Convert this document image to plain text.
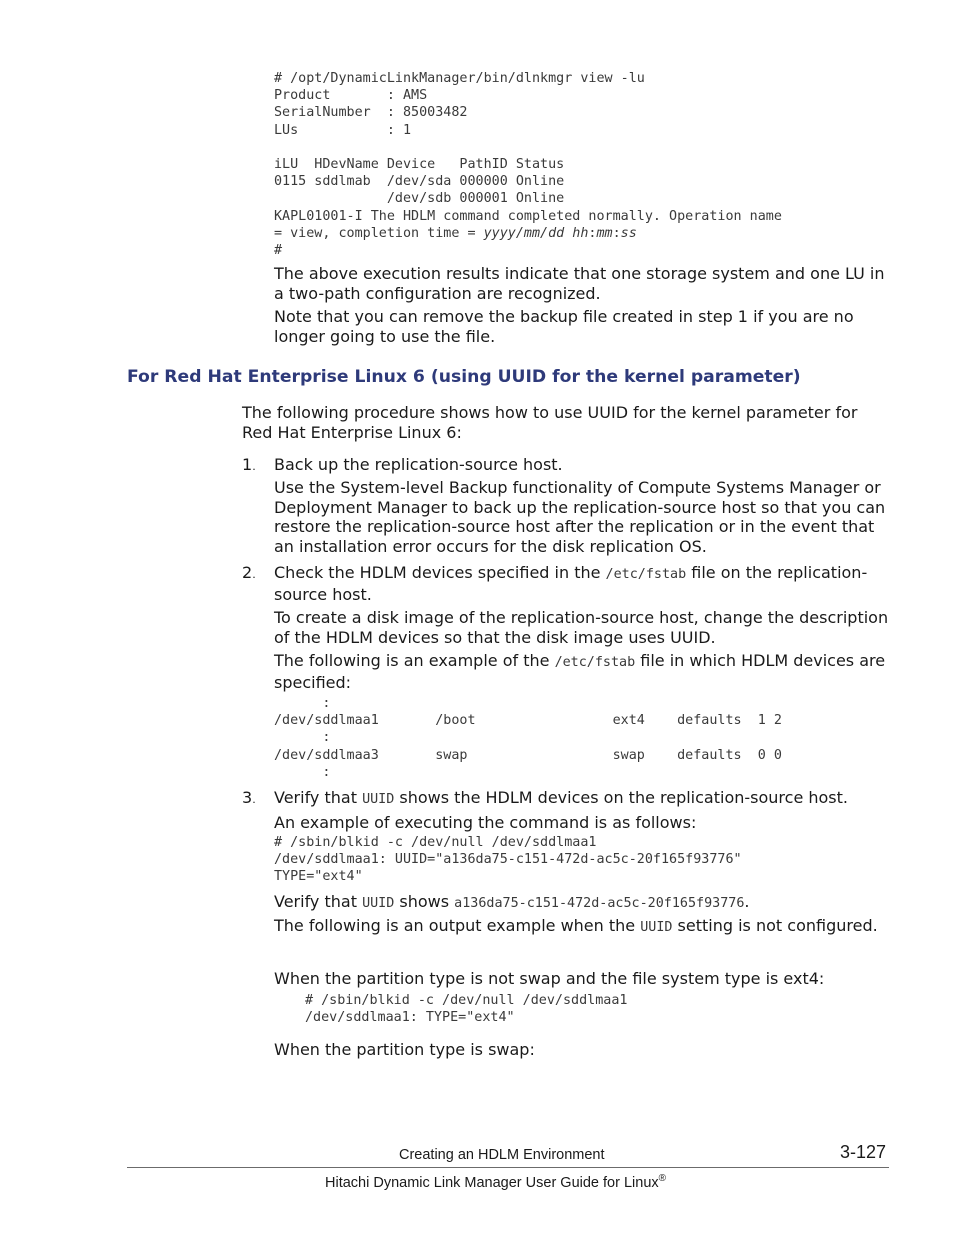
# /opt/DynamicLinkManager/bin/dlnkmgr view -lu
Product       : AMS
SerialNumber  : 85003482
LUs           : 1

iLU  HDevName Device   PathID Status
0115 sddlmab  /dev/sda 000000 Online
/dev/sdb 000001 Online
KAPL01001-I The HDLM command completed normally. Operation name
= view, completion time = yyyy/mm/dd hh:mm:ss
#
The above execution results indicate that one storage system and one LU in a two-path configuration are recognized.
Note that you can remove the backup file created in step 1 if you are no longer going to use the file.
For Red Hat Enterprise Linux 6 (using UUID for the kernel parameter)
The following procedure shows how to use UUID for the kernel parameter for Red Hat Enterprise Linux 6:
1. Back up the replication-source host.
Use the System-level Backup functionality of Compute Systems Manager or Deployment Manager to back up the replication-source host so that you can restore the replication-source host after the replication or in the event that an installation error occurs for the disk replication OS.
2. Check the HDLM devices specified in the /etc/fstab file on the replication-source host.
To create a disk image of the replication-source host, change the description of the HDLM devices so that the disk image uses UUID.
The following is an example of the /etc/fstab file in which HDLM devices are specified:
:
/dev/sddlmaa1       /boot                 ext4    defaults  1 2
:
/dev/sddlmaa3       swap                  swap    defaults  0 0
:
3. Verify that UUID shows the HDLM devices on the replication-source host.
An example of executing the command is as follows:
# /sbin/blkid -c /dev/null /dev/sddlmaa1
/dev/sddlmaa1: UUID="a136da75-c151-472d-ac5c-20f165f93776"
TYPE="ext4"
Verify that UUID shows a136da75-c151-472d-ac5c-20f165f93776.
The following is an output example when the UUID setting is not configured.
When the partition type is not swap and the file system type is ext4:
# /sbin/blkid -c /dev/null /dev/sddlmaa1
/dev/sddlmaa1: TYPE="ext4"
When the partition type is swap:
Creating an HDLM Environment	3-127
Hitachi Dynamic Link Manager User Guide for Linux®
